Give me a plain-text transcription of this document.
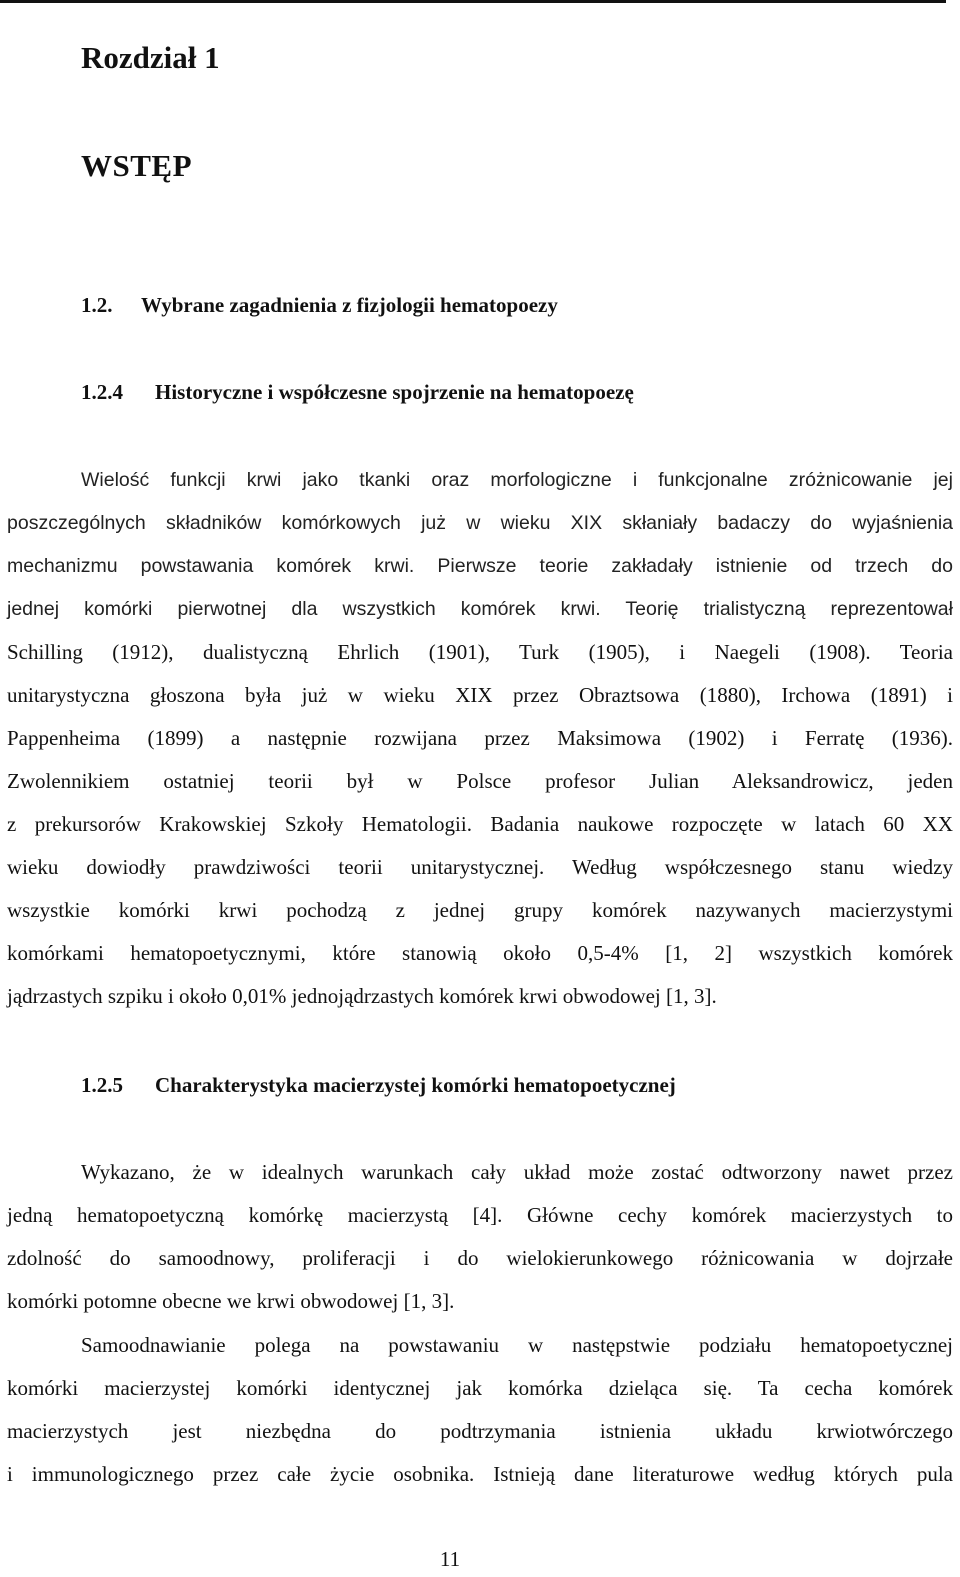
Rozdział 1
WSTĘP
1.2. Wybrane zagadnienia z fizjologii hematopoezy
1.2.4 Historyczne i współczesne spojrzenie na hematopoezę
Wielość funkcji krwi jako tkanki oraz morfologiczne i funkcjonalne zróżnicowanie jej
poszczególnych składników komórkowych już w wieku XIX skłaniały badaczy do wyjaśnienia
mechanizmu powstawania komórek krwi. Pierwsze teorie zakładały istnienie od trzech do
jednej komórki pierwotnej dla wszystkich komórek krwi. Teorię trialistyczną reprezentował
Schilling (1912), dualistyczną Ehrlich (1901), Turk (1905), i Naegeli (1908). Teoria
unitarystyczna głoszona była już w wieku XIX przez Obraztsowa (1880), Irchowa (1891) i
Pappenheima (1899) a następnie rozwijana przez Maksimowa (1902) i Ferratę (1936).
Zwolennikiem ostatniej teorii był w Polsce profesor Julian Aleksandrowicz, jeden
z prekursorów Krakowskiej Szkoły Hematologii. Badania naukowe rozpoczęte w latach 60 XX
wieku dowiodły prawdziwości teorii unitarystycznej. Według współczesnego stanu wiedzy
wszystkie komórki krwi pochodzą z jednej grupy komórek nazywanych macierzystymi
komórkami hematopoetycznymi, które stanowią około 0,5-4% [1, 2] wszystkich komórek
jądrzastych szpiku i około 0,01% jednojądrzastych komórek krwi obwodowej [1, 3].
1.2.5 Charakterystyka macierzystej komórki hematopoetycznej
Wykazano, że w idealnych warunkach cały układ może zostać odtworzony nawet przez
jedną hematopoetyczną komórkę macierzystą [4]. Główne cechy komórek macierzystych to
zdolność do samoodnowy, proliferacji i do wielokierunkowego różnicowania w dojrzałe
komórki potomne obecne we krwi obwodowej [1, 3].
Samoodnawianie polega na powstawaniu w następstwie podziału hematopoetycznej
komórki macierzystej komórki identycznej jak komórka dzieląca się. Ta cecha komórek
macierzystych jest niezbędna do podtrzymania istnienia układu krwiotwórczego
i immunologicznego przez całe życie osobnika. Istnieją dane literaturowe według których pula
11
